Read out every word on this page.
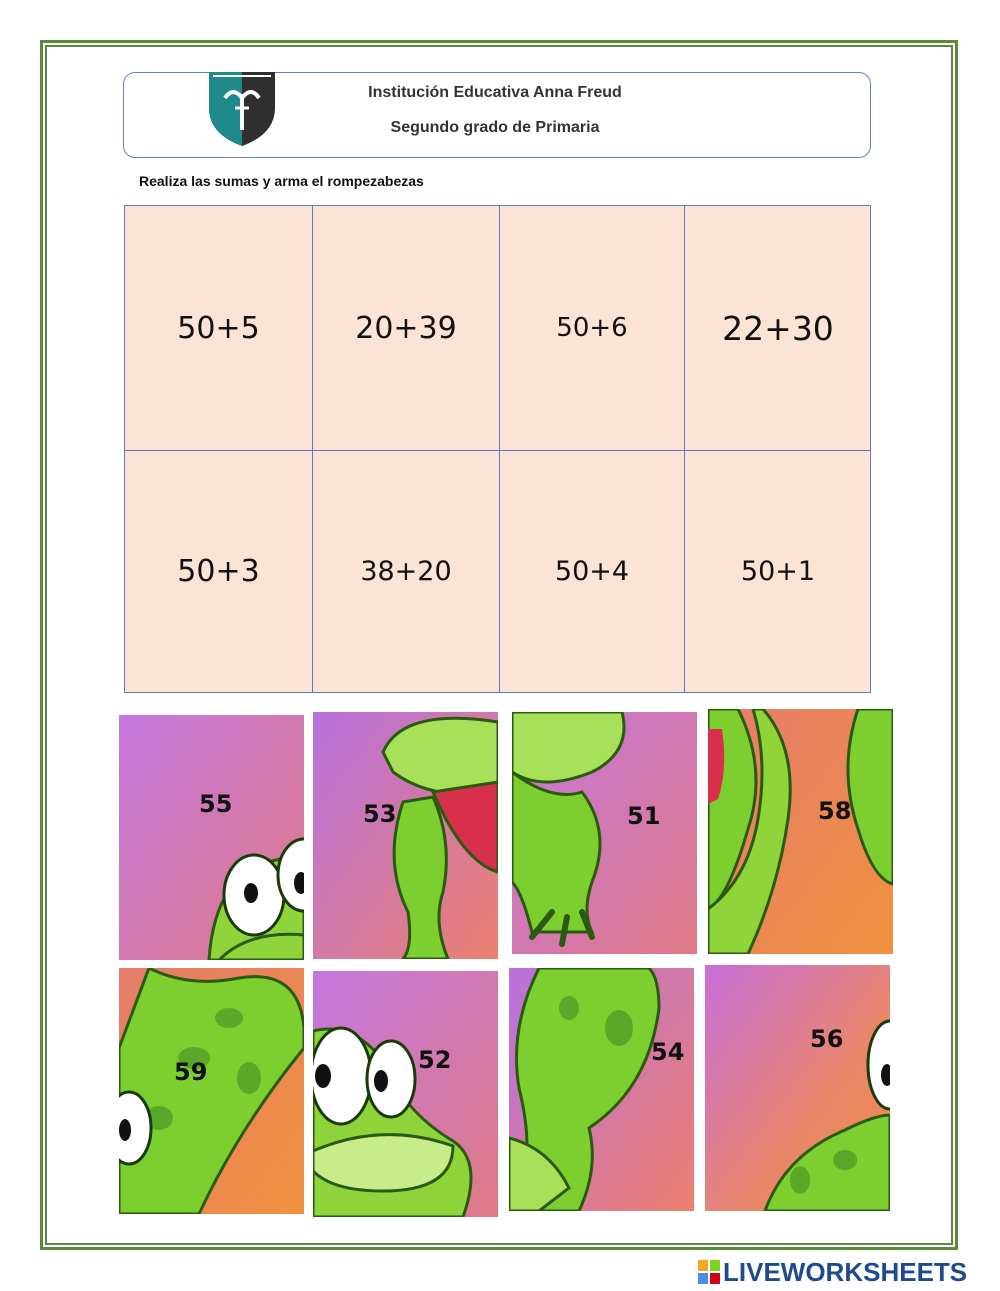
Institución Educativa Anna Freud
Segundo grado de Primaria
Realiza las sumas y arma el rompezabezas
50+5	20+39	50+6	22+30
50+3	38+20	50+4	50+1
55	53	51	58
59	52	54	56
LIVEWORKSHEETS
